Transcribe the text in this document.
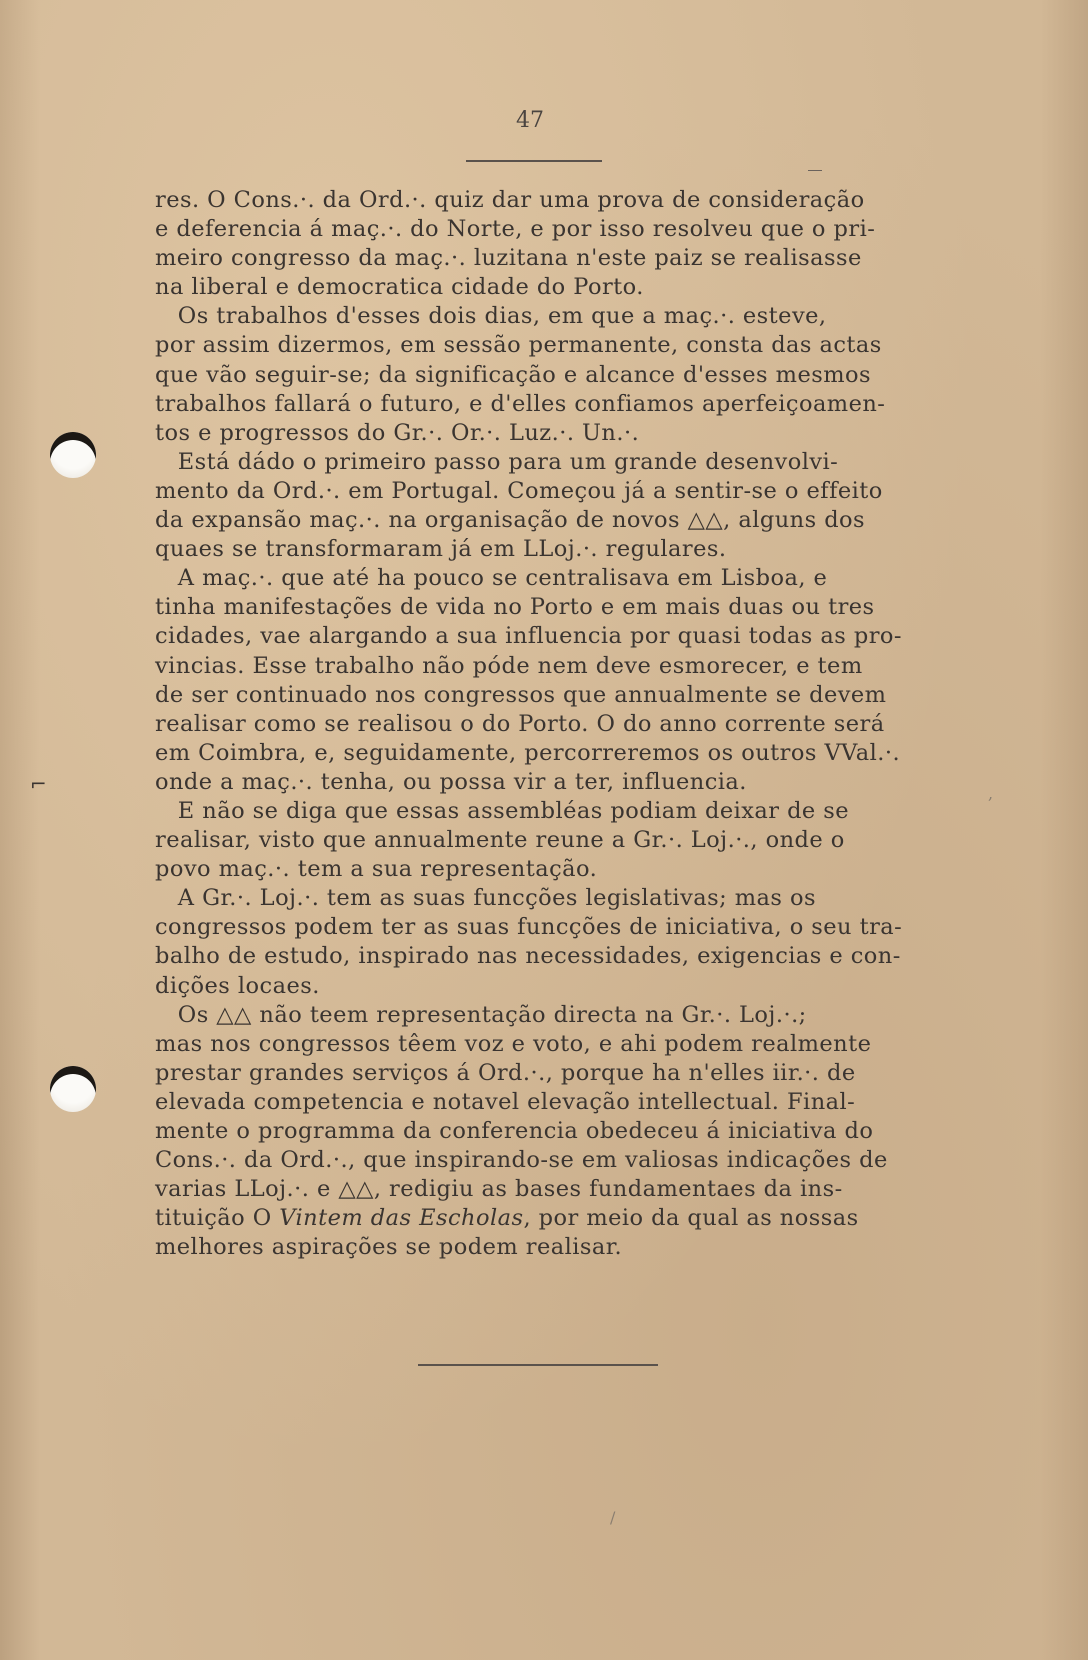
⌐	,
/
47
res. O Cons.·. da Ord.·. quiz dar uma prova de consideração
e deferencia á maç.·. do Norte, e por isso resolveu que o pri-
meiro congresso da maç.·. luzitana n'este paiz se realisasse
na liberal e democratica cidade do Porto.
Os trabalhos d'esses dois dias, em que a maç.·. esteve,
por assim dizermos, em sessão permanente, consta das actas
que vão seguir-se; da significação e alcance d'esses mesmos
trabalhos fallará o futuro, e d'elles confiamos aperfeiçoamen-
tos e progressos do Gr.·. Or.·. Luz.·. Un.·.
Está dádo o primeiro passo para um grande desenvolvi-
mento da Ord.·. em Portugal. Começou já a sentir-se o effeito
da expansão maç.·. na organisação de novos △△, alguns dos
quaes se transformaram já em LLoj.·. regulares.
A maç.·. que até ha pouco se centralisava em Lisboa, e
tinha manifestações de vida no Porto e em mais duas ou tres
cidades, vae alargando a sua influencia por quasi todas as pro-
vincias. Esse trabalho não póde nem deve esmorecer, e tem
de ser continuado nos congressos que annualmente se devem
realisar como se realisou o do Porto. O do anno corrente será
em Coimbra, e, seguidamente, percorreremos os outros VVal.·.
onde a maç.·. tenha, ou possa vir a ter, influencia.
E não se diga que essas assembléas podiam deixar de se
realisar, visto que annualmente reune a Gr.·. Loj.·., onde o
povo maç.·. tem a sua representação.
A Gr.·. Loj.·. tem as suas funcções legislativas; mas os
congressos podem ter as suas funcções de iniciativa, o seu tra-
balho de estudo, inspirado nas necessidades, exigencias e con-
dições locaes.
Os △△ não teem representação directa na Gr.·. Loj.·.;
mas nos congressos têem voz e voto, e ahi podem realmente
prestar grandes serviços á Ord.·., porque ha n'elles iir.·. de
elevada competencia e notavel elevação intellectual. Final-
mente o programma da conferencia obedeceu á iniciativa do
Cons.·. da Ord.·., que inspirando-se em valiosas indicações de
varias LLoj.·. e △△, redigiu as bases fundamentaes da ins-
tituição O Vintem das Escholas, por meio da qual as nossas
melhores aspirações se podem realisar.
